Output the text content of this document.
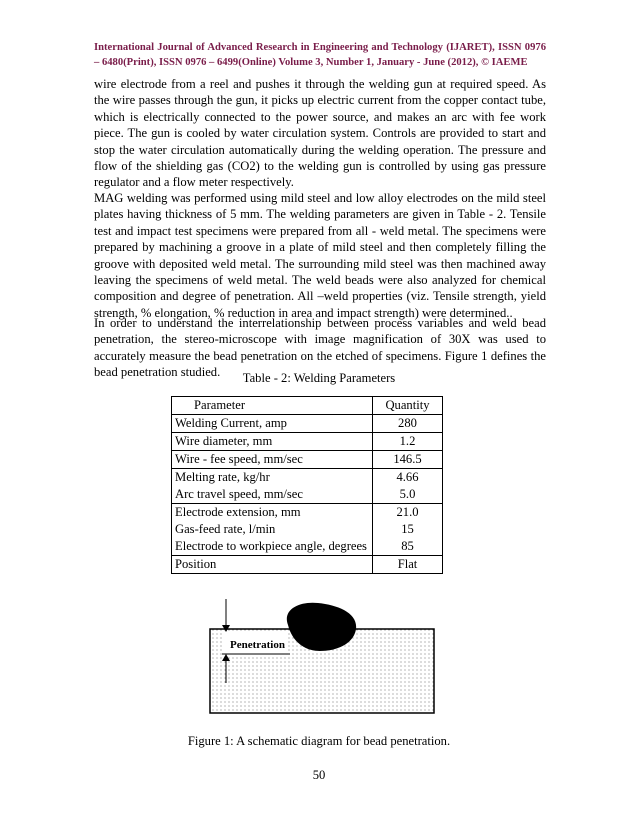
International Journal of Advanced Research in Engineering and Technology (IJARET), ISSN 0976 – 6480(Print), ISSN 0976 – 6499(Online) Volume 3, Number 1, January - June (2012), © IAEME

wire electrode from a reel and pushes it through the welding gun at required speed. As the wire passes through the gun, it picks up electric current from the copper contact tube, which is electrically connected to the power source, and makes an arc with fee work piece. The gun is cooled by water circulation system. Controls are provided to start and stop the water circulation automatically during the welding operation. The pressure and flow of the shielding gas (CO2) to the welding gun is controlled by using gas pressure regulator and a flow meter respectively.

MAG welding was performed using mild steel and low alloy electrodes on the mild steel plates having thickness of 5 mm. The welding parameters are given in Table - 2. Tensile test and impact test specimens were prepared from all - weld metal. The specimens were prepared by machining a groove in a plate of mild steel and then completely filling the groove with deposited weld metal. The surrounding mild steel was then machined away leaving the specimens of weld metal. The weld beads were also analyzed for chemical composition and degree of penetration. All –weld properties (viz. Tensile strength, yield strength, % elongation, % reduction in area and impact strength) were determined..

In order to understand the interrelationship between process variables and weld bead penetration, the stereo-microscope with image magnification of 30X was used to accurately measure the bead penetration on the etched of specimens. Figure 1 defines the bead penetration studied.	Table - 2: Welding Parameters
Parameter	Quantity
Welding Current, amp	280
Wire diameter, mm	1.2
Wire - fee speed, mm/sec	146.5
Melting rate, kg/hr	4.66
Arc travel speed, mm/sec	5.0
Electrode extension, mm	21.0
Gas-feed rate, l/min	15
Electrode to workpiece angle, degrees	85
Position	Flat
Penetration
Figure 1: A schematic diagram for bead penetration.
50
